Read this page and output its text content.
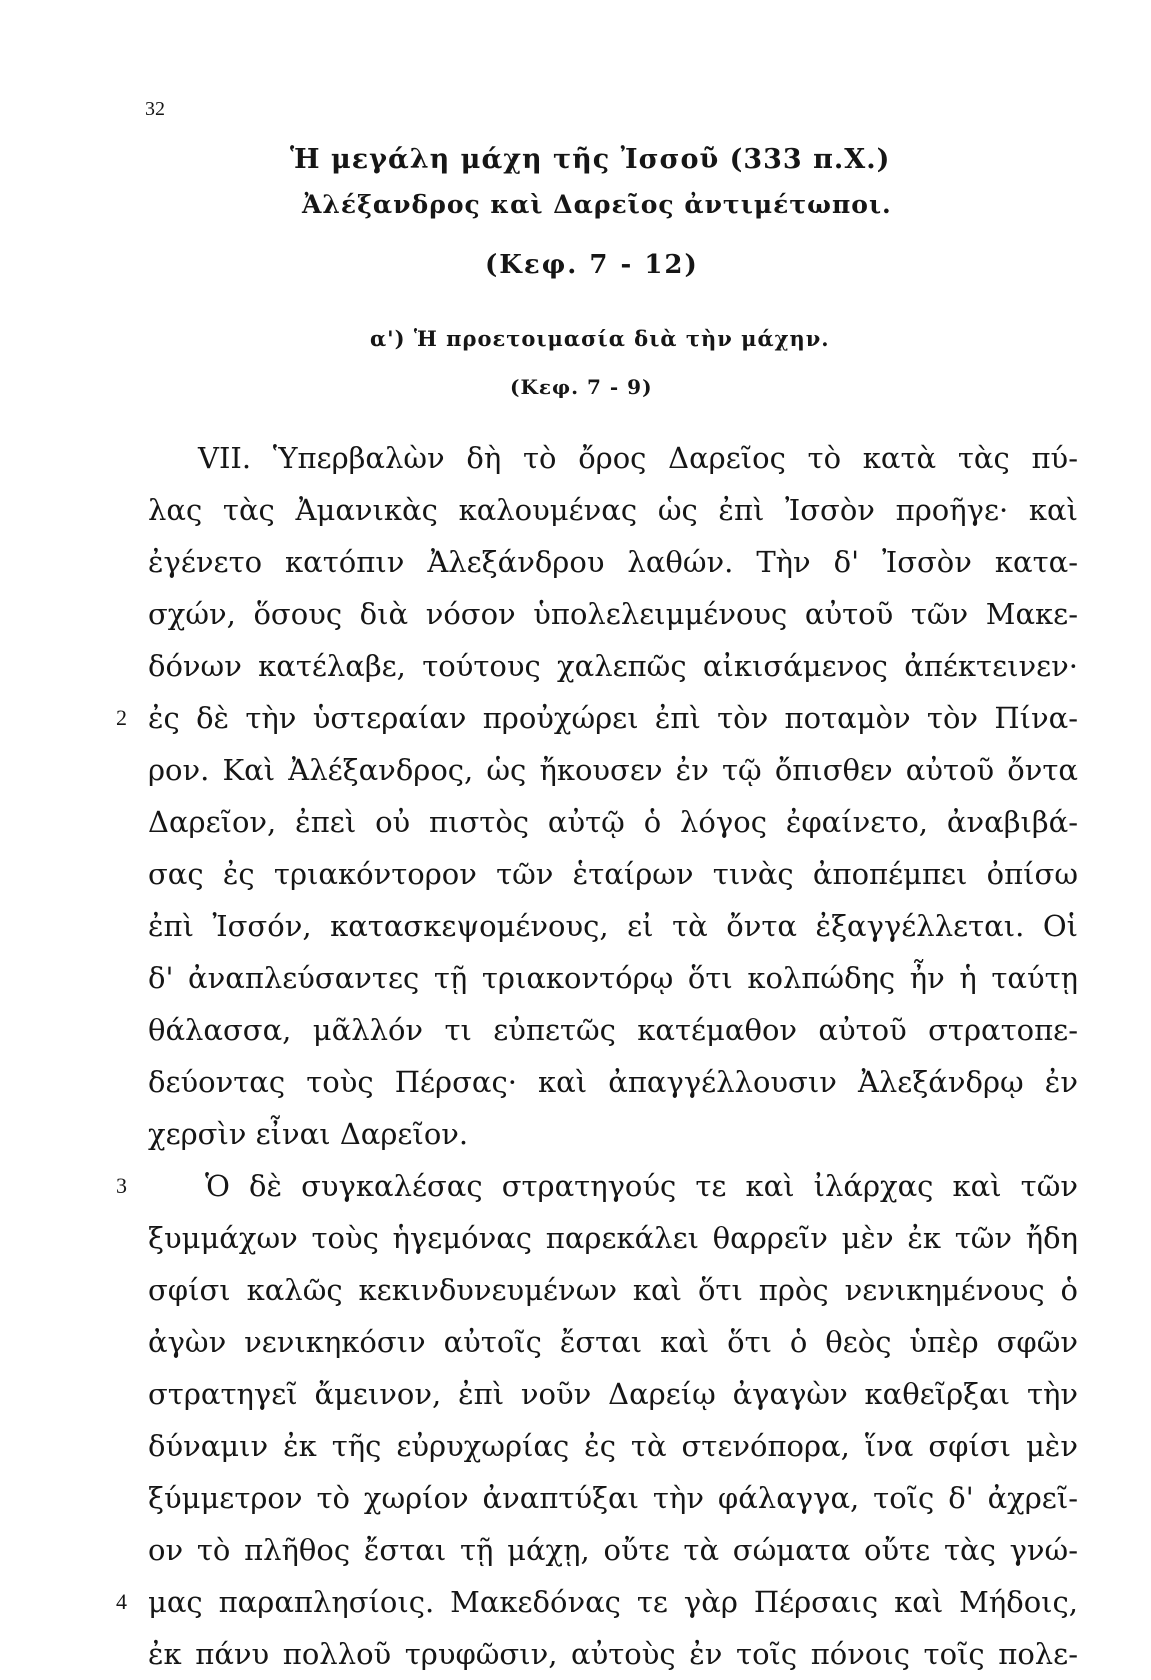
32
Ἡ μεγάλη μάχη τῆς Ἰσσοῦ (333 π.Χ.)
Ἀλέξανδρος καὶ Δαρεῖος ἀντιμέτωποι.
(Κεφ. 7 - 12)
α') Ἡ προετοιμασία διὰ τὴν μάχην.
(Κεφ. 7 - 9)
VII. Ὑπερβαλὼν δὴ τὸ ὄρος Δαρεῖος τὸ κατὰ τὰς πύ-
λας τὰς Ἀμανικὰς καλουμένας ὡς ἐπὶ Ἰσσὸν προῆγε· καὶ
ἐγένετο κατόπιν Ἀλεξάνδρου λαθών. Τὴν δ' Ἰσσὸν κατα-
σχών, ὅσους διὰ νόσον ὑπολελειμμένους αὐτοῦ τῶν Μακε-
δόνων κατέλαβε, τούτους χαλεπῶς αἰκισάμενος ἀπέκτεινεν·
2 ἐς δὲ τὴν ὑστεραίαν προὐχώρει ἐπὶ τὸν ποταμὸν τὸν Πίνα-
ρον. Καὶ Ἀλέξανδρος, ὡς ἤκουσεν ἐν τῷ ὄπισθεν αὐτοῦ ὄντα
Δαρεῖον, ἐπεὶ οὐ πιστὸς αὐτῷ ὁ λόγος ἐφαίνετο, ἀναβιβά-
σας ἐς τριακόντορον τῶν ἑταίρων τινὰς ἀποπέμπει ὀπίσω
ἐπὶ Ἰσσόν, κατασκεψομένους, εἰ τὰ ὄντα ἐξαγγέλλεται. Οἱ
δ' ἀναπλεύσαντες τῇ τριακοντόρῳ ὅτι κολπώδης ἦν ἡ ταύτῃ
θάλασσα, μᾶλλόν τι εὐπετῶς κατέμαθον αὐτοῦ στρατοπε-
δεύοντας τοὺς Πέρσας· καὶ ἀπαγγέλλουσιν Ἀλεξάνδρῳ ἐν
χερσὶν εἶναι Δαρεῖον.
3	Ὁ δὲ συγκαλέσας στρατηγούς τε καὶ ἰλάρχας καὶ τῶν
ξυμμάχων τοὺς ἡγεμόνας παρεκάλει θαρρεῖν μὲν ἐκ τῶν ἤδη
σφίσι καλῶς κεκινδυνευμένων καὶ ὅτι πρὸς νενικημένους ὁ
ἀγὼν νενικηκόσιν αὐτοῖς ἔσται καὶ ὅτι ὁ θεὸς ὑπὲρ σφῶν
στρατηγεῖ ἄμεινον, ἐπὶ νοῦν Δαρείῳ ἀγαγὼν καθεῖρξαι τὴν
δύναμιν ἐκ τῆς εὐρυχωρίας ἐς τὰ στενόπορα, ἵνα σφίσι μὲν
ξύμμετρον τὸ χωρίον ἀναπτύξαι τὴν φάλαγγα, τοῖς δ' ἀχρεῖ-
ον τὸ πλῆθος ἔσται τῇ μάχῃ, οὔτε τὰ σώματα οὔτε τὰς γνώ-
4 μας παραπλησίοις. Μακεδόνας τε γὰρ Πέρσαις καὶ Μήδοις,
ἐκ πάνυ πολλοῦ τρυφῶσιν, αὐτοὺς ἐν τοῖς πόνοις τοῖς πολε-
